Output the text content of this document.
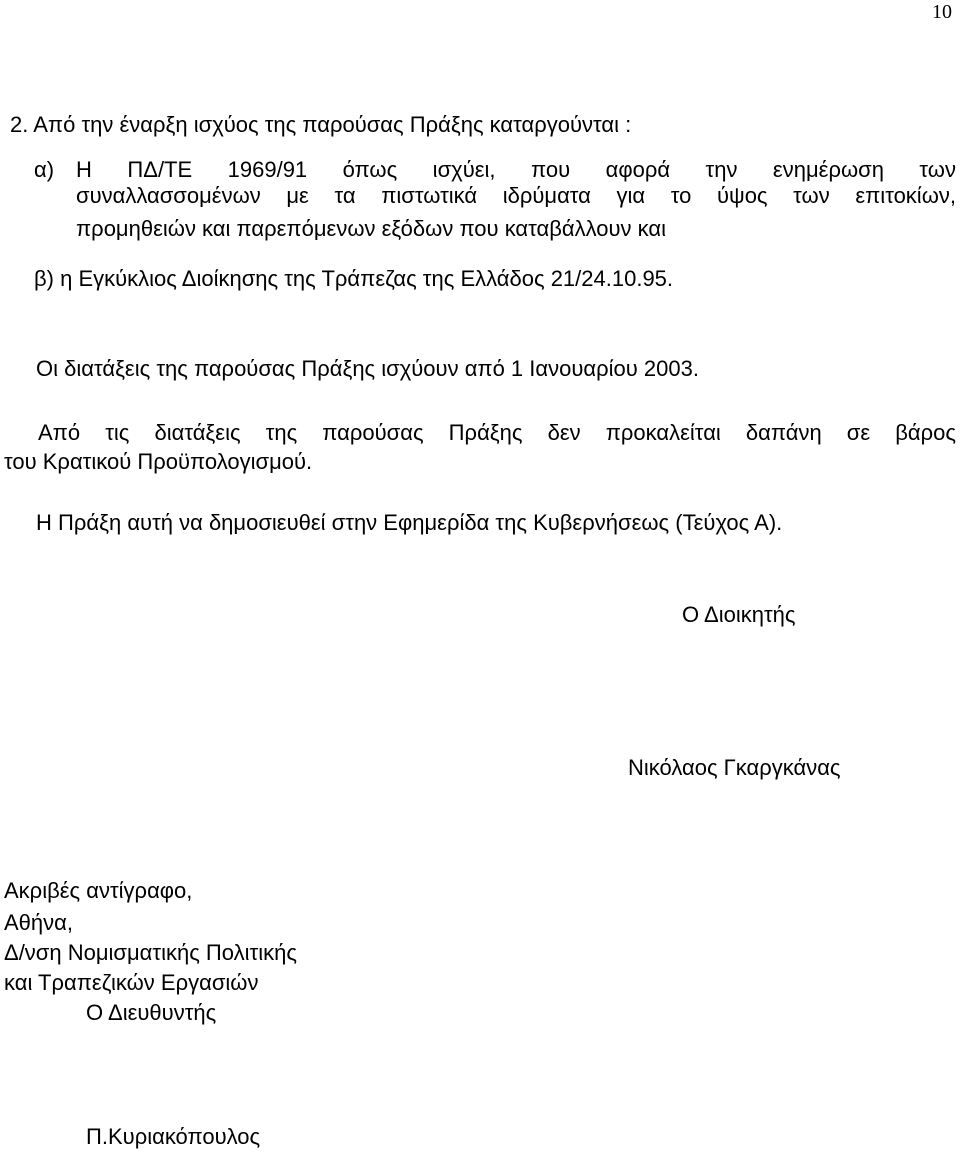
10
2. Από την έναρξη ισχύος της παρούσας Πράξης καταργούνται :
α) Η ΠΔ/ΤΕ 1969/91 όπως ισχύει, που αφορά την ενημέρωση των
συναλλασσομένων με τα πιστωτικά ιδρύματα για το ύψος των επιτοκίων,
προμηθειών και παρεπόμενων εξόδων που καταβάλλουν και
β) η Εγκύκλιος Διοίκησης της Τράπεζας της Ελλάδος 21/24.10.95.
Οι διατάξεις της παρούσας Πράξης ισχύουν από 1 Ιανουαρίου 2003.
Από τις διατάξεις της παρούσας Πράξης δεν προκαλείται δαπάνη σε βάρος
του Κρατικού Προϋπολογισμού.
Η Πράξη αυτή να δημοσιευθεί στην Εφημερίδα της Κυβερνήσεως (Τεύχος Α).
Ο Διοικητής
Νικόλαος Γκαργκάνας
Ακριβές αντίγραφο,
Αθήνα,
Δ/νση Νομισματικής Πολιτικής
και Τραπεζικών Εργασιών
Ο Διευθυντής
Π.Κυριακόπουλος
